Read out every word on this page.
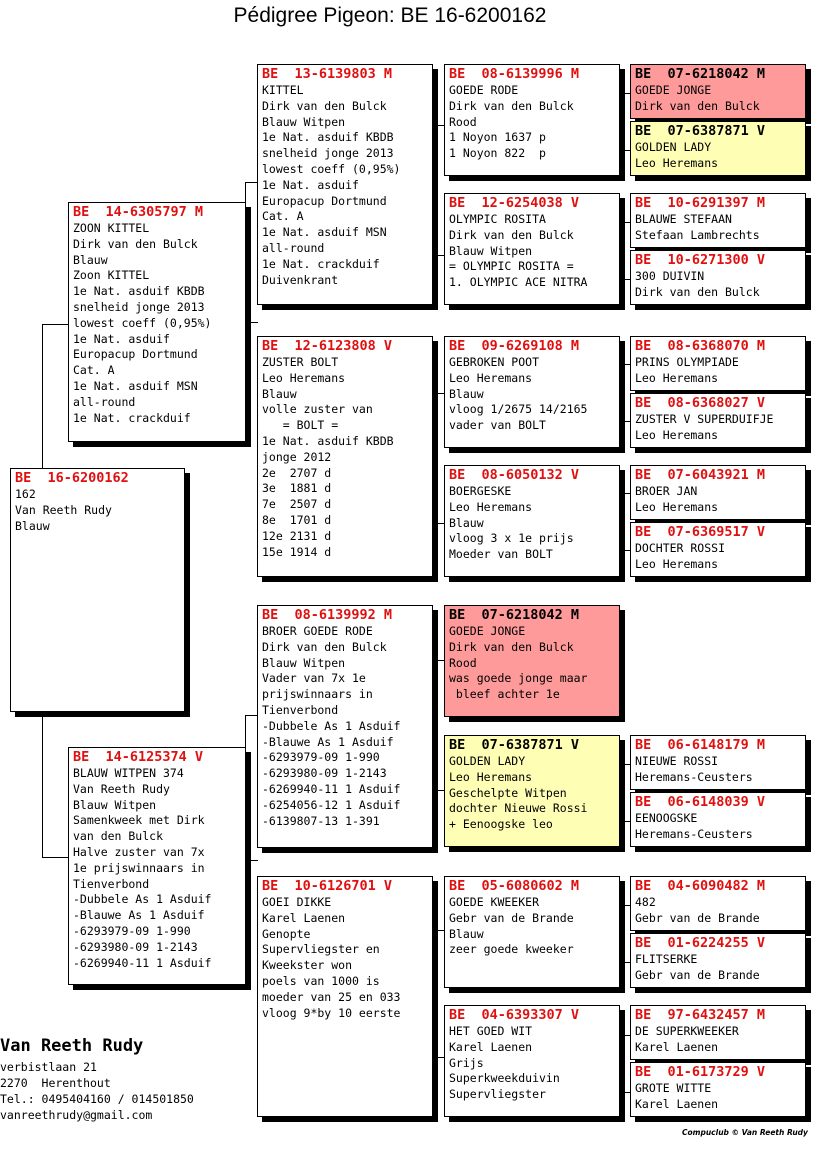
Pédigree Pigeon: BE 16-6200162
BE  16-6200162
162
Van Reeth Rudy
Blauw
BE  14-6305797 M
ZOON KITTEL
Dirk van den Bulck
Blauw
Zoon KITTEL
1e Nat. asduif KBDB
snelheid jonge 2013
lowest coeff (0,95%)
1e Nat. asduif
Europacup Dortmund
Cat. A
1e Nat. asduif MSN
all-round
1e Nat. crackduif
BE  14-6125374 V
BLAUW WITPEN 374
Van Reeth Rudy
Blauw Witpen
Samenkweek met Dirk
van den Bulck
Halve zuster van 7x
1e prijswinnaars in
Tienverbond
-Dubbele As 1 Asduif
-Blauwe As 1 Asduif
-6293979-09 1-990
-6293980-09 1-2143
-6269940-11 1 Asduif
BE  13-6139803 M
KITTEL
Dirk van den Bulck
Blauw Witpen
1e Nat. asduif KBDB
snelheid jonge 2013
lowest coeff (0,95%)
1e Nat. asduif
Europacup Dortmund
Cat. A
1e Nat. asduif MSN
all-round
1e Nat. crackduif
Duivenkrant
BE  12-6123808 V
ZUSTER BOLT
Leo Heremans
Blauw
volle zuster van
= BOLT =
1e Nat. asduif KBDB
jonge 2012
2e  2707 d
3e  1881 d
7e  2507 d
8e  1701 d
12e 2131 d
15e 1914 d
BE  08-6139992 M
BROER GOEDE RODE
Dirk van den Bulck
Blauw Witpen
Vader van 7x 1e
prijswinnaars in
Tienverbond
-Dubbele As 1 Asduif
-Blauwe As 1 Asduif
-6293979-09 1-990
-6293980-09 1-2143
-6269940-11 1 Asduif
-6254056-12 1 Asduif
-6139807-13 1-391
BE  10-6126701 V
GOEI DIKKE
Karel Laenen
Genopte
Supervliegster en
Kweekster won
poels van 1000 is
moeder van 25 en 033
vloog 9*by 10 eerste
BE  08-6139996 M
GOEDE RODE
Dirk van den Bulck
Rood
1 Noyon 1637 p
1 Noyon 822  p
BE  12-6254038 V
OLYMPIC ROSITA
Dirk van den Bulck
Blauw Witpen
= OLYMPIC ROSITA =
1. OLYMPIC ACE NITRA
BE  09-6269108 M
GEBROKEN POOT
Leo Heremans
Blauw
vloog 1/2675 14/2165
vader van BOLT
BE  08-6050132 V
BOERGESKE
Leo Heremans
Blauw
vloog 3 x 1e prijs
Moeder van BOLT
BE  07-6218042 M
GOEDE JONGE
Dirk van den Bulck
Rood
was goede jonge maar
bleef achter 1e
BE  07-6387871 V
GOLDEN LADY
Leo Heremans
Geschelpte Witpen
dochter Nieuwe Rossi
+ Eenoogske leo
BE  05-6080602 M
GOEDE KWEEKER
Gebr van de Brande
Blauw
zeer goede kweeker
BE  04-6393307 V
HET GOED WIT
Karel Laenen
Grijs
Superkweekduivin
Supervliegster
BE  07-6218042 M
GOEDE JONGE
Dirk van den Bulck
BE  07-6387871 V
GOLDEN LADY
Leo Heremans
BE  10-6291397 M
BLAUWE STEFAAN
Stefaan Lambrechts
BE  10-6271300 V
300 DUIVIN
Dirk van den Bulck
BE  08-6368070 M
PRINS OLYMPIADE
Leo Heremans
BE  08-6368027 V
ZUSTER V SUPERDUIFJE
Leo Heremans
BE  07-6043921 M
BROER JAN
Leo Heremans
BE  07-6369517 V
DOCHTER ROSSI
Leo Heremans
BE  06-6148179 M
NIEUWE ROSSI
Heremans-Ceusters
BE  06-6148039 V
EENOOGSKE
Heremans-Ceusters
BE  04-6090482 M
482
Gebr van de Brande
BE  01-6224255 V
FLITSERKE
Gebr van de Brande
BE  97-6432457 M
DE SUPERKWEEKER
Karel Laenen
BE  01-6173729 V
GROTE WITTE
Karel Laenen
Van Reeth Rudy
verbistlaan 21
2270  Herenthout
Tel.: 0495404160 / 014501850
vanreethrudy@gmail.com
Compuclub © Van Reeth Rudy
